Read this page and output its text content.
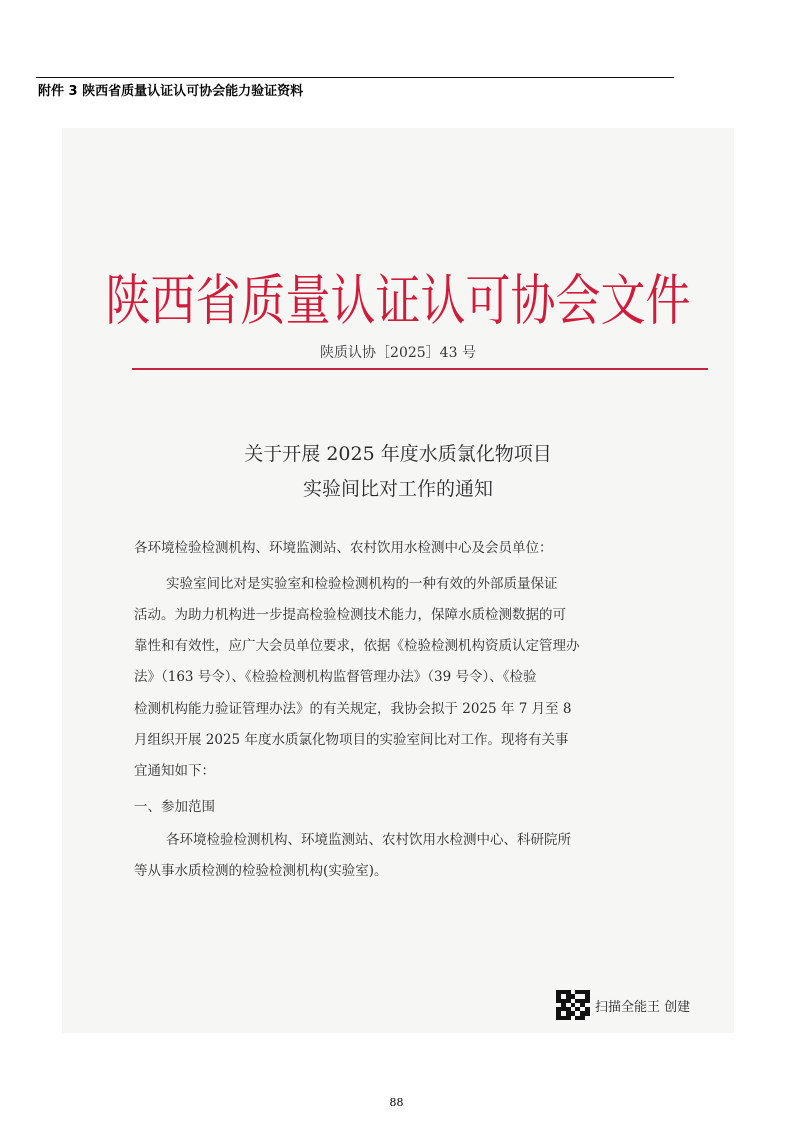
附件 3 陕西省质量认证认可协会能力验证资料
陕西省质量认证认可协会文件
陕质认协［2025］43 号
关于开展 2025 年度水质氯化物项目
实验间比对工作的通知
各环境检验检测机构、环境监测站、农村饮用水检测中心及会员单位：
实验室间比对是实验室和检验检测机构的一种有效的外部质量保证
活动。为助力机构进一步提高检验检测技术能力，保障水质检测数据的可
靠性和有效性，应广大会员单位要求，依据《检验检测机构资质认定管理办
法》（163 号令）、《检验检测机构监督管理办法》（39 号令）、《检验
检测机构能力验证管理办法》的有关规定，我协会拟于 2025 年 7 月至 8
月组织开展 2025 年度水质氯化物项目的实验室间比对工作。现将有关事
宜通知如下：
一、参加范围
各环境检验检测机构、环境监测站、农村饮用水检测中心、科研院所
等从事水质检测的检验检测机构(实验室)。
扫描全能王 创建
88
